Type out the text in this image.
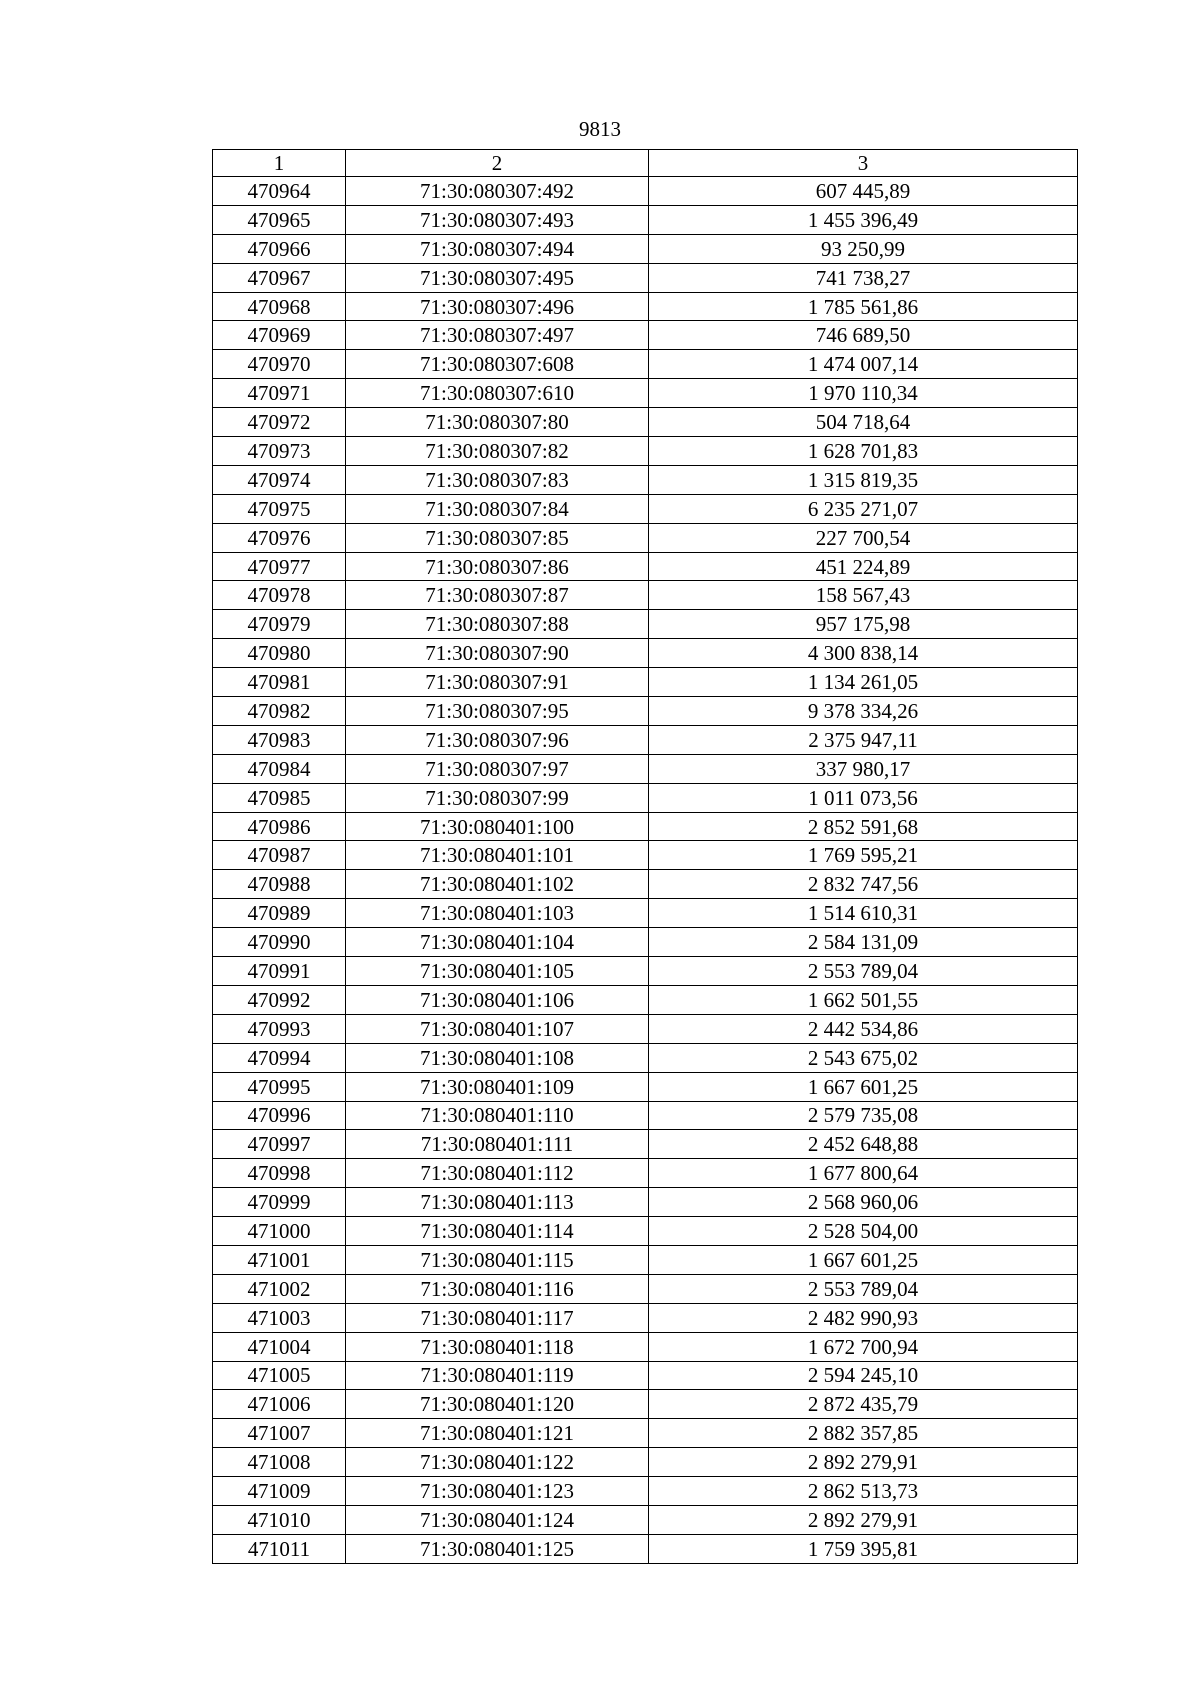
9813
1	2	3
470964	71:30:080307:492	607 445,89
470965	71:30:080307:493	1 455 396,49
470966	71:30:080307:494	93 250,99
470967	71:30:080307:495	741 738,27
470968	71:30:080307:496	1 785 561,86
470969	71:30:080307:497	746 689,50
470970	71:30:080307:608	1 474 007,14
470971	71:30:080307:610	1 970 110,34
470972	71:30:080307:80	504 718,64
470973	71:30:080307:82	1 628 701,83
470974	71:30:080307:83	1 315 819,35
470975	71:30:080307:84	6 235 271,07
470976	71:30:080307:85	227 700,54
470977	71:30:080307:86	451 224,89
470978	71:30:080307:87	158 567,43
470979	71:30:080307:88	957 175,98
470980	71:30:080307:90	4 300 838,14
470981	71:30:080307:91	1 134 261,05
470982	71:30:080307:95	9 378 334,26
470983	71:30:080307:96	2 375 947,11
470984	71:30:080307:97	337 980,17
470985	71:30:080307:99	1 011 073,56
470986	71:30:080401:100	2 852 591,68
470987	71:30:080401:101	1 769 595,21
470988	71:30:080401:102	2 832 747,56
470989	71:30:080401:103	1 514 610,31
470990	71:30:080401:104	2 584 131,09
470991	71:30:080401:105	2 553 789,04
470992	71:30:080401:106	1 662 501,55
470993	71:30:080401:107	2 442 534,86
470994	71:30:080401:108	2 543 675,02
470995	71:30:080401:109	1 667 601,25
470996	71:30:080401:110	2 579 735,08
470997	71:30:080401:111	2 452 648,88
470998	71:30:080401:112	1 677 800,64
470999	71:30:080401:113	2 568 960,06
471000	71:30:080401:114	2 528 504,00
471001	71:30:080401:115	1 667 601,25
471002	71:30:080401:116	2 553 789,04
471003	71:30:080401:117	2 482 990,93
471004	71:30:080401:118	1 672 700,94
471005	71:30:080401:119	2 594 245,10
471006	71:30:080401:120	2 872 435,79
471007	71:30:080401:121	2 882 357,85
471008	71:30:080401:122	2 892 279,91
471009	71:30:080401:123	2 862 513,73
471010	71:30:080401:124	2 892 279,91
471011	71:30:080401:125	1 759 395,81
